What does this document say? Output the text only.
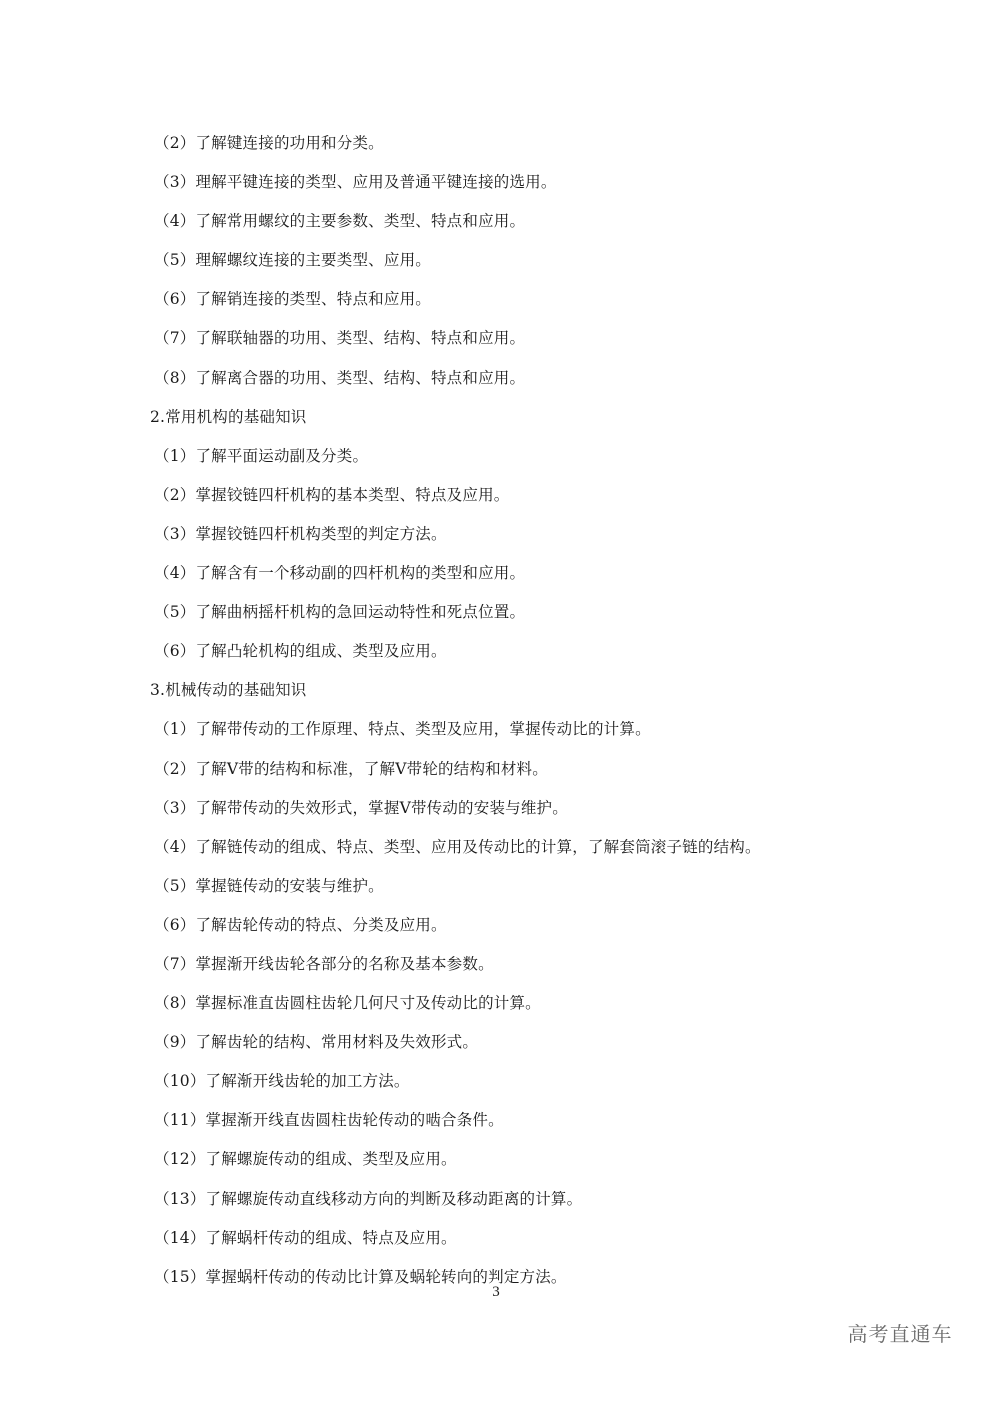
（2）了解键连接的功用和分类。
（3）理解平键连接的类型、应用及普通平键连接的选用。
（4）了解常用螺纹的主要参数、类型、特点和应用。
（5）理解螺纹连接的主要类型、应用。
（6）了解销连接的类型、特点和应用。
（7）了解联轴器的功用、类型、结构、特点和应用。
（8）了解离合器的功用、类型、结构、特点和应用。
2.常用机构的基础知识
（1）了解平面运动副及分类。
（2）掌握铰链四杆机构的基本类型、特点及应用。
（3）掌握铰链四杆机构类型的判定方法。
（4）了解含有一个移动副的四杆机构的类型和应用。
（5）了解曲柄摇杆机构的急回运动特性和死点位置。
（6）了解凸轮机构的组成、类型及应用。
3.机械传动的基础知识
（1）了解带传动的工作原理、特点、类型及应用，掌握传动比的计算。
（2）了解V带的结构和标准，了解V带轮的结构和材料。
（3）了解带传动的失效形式，掌握V带传动的安装与维护。
（4）了解链传动的组成、特点、类型、应用及传动比的计算，了解套筒滚子链的结构。
（5）掌握链传动的安装与维护。
（6）了解齿轮传动的特点、分类及应用。
（7）掌握渐开线齿轮各部分的名称及基本参数。
（8）掌握标准直齿圆柱齿轮几何尺寸及传动比的计算。
（9）了解齿轮的结构、常用材料及失效形式。
（10）了解渐开线齿轮的加工方法。
（11）掌握渐开线直齿圆柱齿轮传动的啮合条件。
（12）了解螺旋传动的组成、类型及应用。
（13）了解螺旋传动直线移动方向的判断及移动距离的计算。
（14）了解蜗杆传动的组成、特点及应用。
（15）掌握蜗杆传动的传动比计算及蜗轮转向的判定方法。
3
高考直通车
